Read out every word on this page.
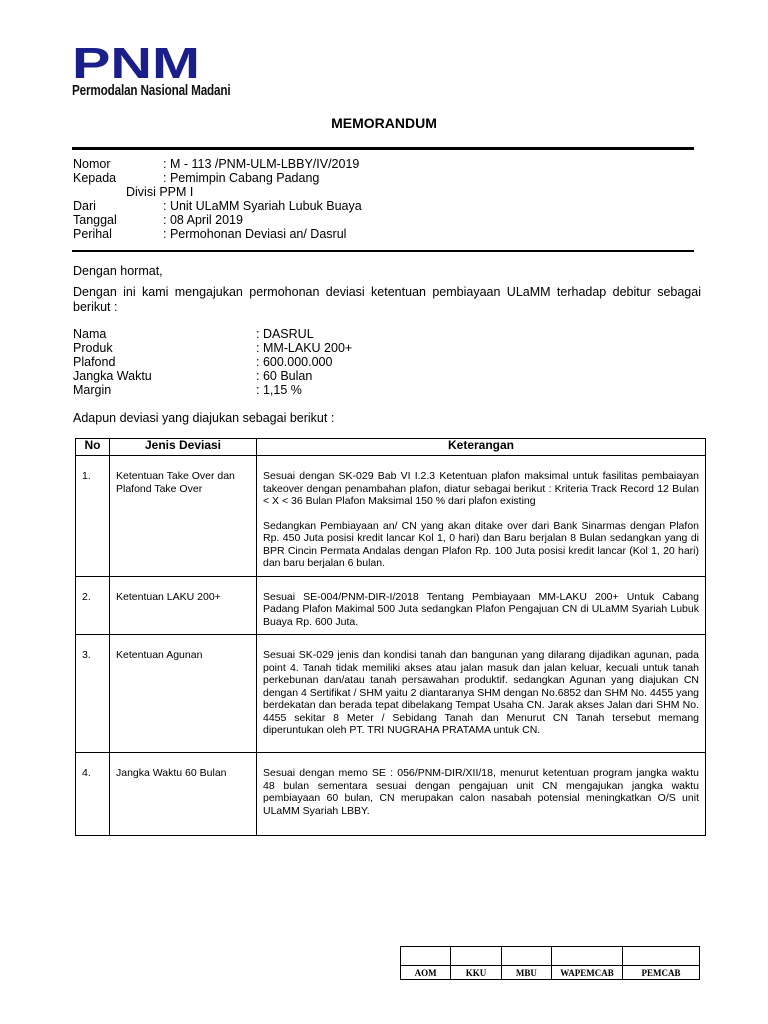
PNM
Permodalan Nasional Madani
MEMORANDUM
Nomor	: M - 113 /PNM-ULM-LBBY/IV/2019
Kepada	: Pemimpin Cabang Padang
Divisi PPM I
Dari	: Unit ULaMM Syariah Lubuk Buaya
Tanggal	: 08 April 2019
Perihal	: Permohonan Deviasi an/ Dasrul
Dengan hormat,
Dengan ini kami mengajukan permohonan deviasi ketentuan pembiayaan ULaMM terhadap debitur sebagai berikut :
Nama	: DASRUL
Produk	: MM-LAKU 200+
Plafond	: 600.000.000
Jangka Waktu	: 60 Bulan
Margin	: 1,15 %
Adapun deviasi yang diajukan sebagai berikut :
No	Jenis Deviasi	Keterangan
1.	Ketentuan Take Over dan Plafond Take Over	Sesuai dengan SK-029 Bab VI I.2.3 Ketentuan plafon maksimal untuk fasilitas pembaiayan takeover dengan penambahan plafon, diatur sebagai berikut : Kriteria Track Record 12 Bulan < X < 36 Bulan Plafon Maksimal 150 % dari plafon existing

Sedangkan Pembiayaan an/ CN yang akan ditake over dari Bank Sinarmas dengan Plafon Rp. 450 Juta posisi kredit lancar Kol 1, 0 hari) dan Baru berjalan 8 Bulan sedangkan yang di BPR Cincin Permata Andalas dengan Plafon Rp. 100 Juta posisi kredit lancar (Kol 1, 20 hari) dan baru berjalan 6 bulan.

2.	Ketentuan LAKU 200+	Sesuai SE-004/PNM-DIR-I/2018 Tentang Pembiayaan MM-LAKU 200+ Untuk Cabang Padang Plafon Makimal 500 Juta sedangkan Plafon Pengajuan CN di ULaMM Syariah Lubuk Buaya Rp. 600 Juta.

3.	Ketentuan Agunan	Sesuai SK-029 jenis dan kondisi tanah dan bangunan yang dilarang dijadikan agunan, pada point 4. Tanah tidak memiliki akses atau jalan masuk dan jalan keluar, kecuali untuk tanah perkebunan dan/atau tanah persawahan produktif. sedangkan Agunan yang diajukan CN dengan 4 Sertifikat / SHM yaitu 2 diantaranya SHM dengan No.6852 dan SHM No. 4455 yang berdekatan dan berada tepat dibelakang Tempat Usaha CN. Jarak akses Jalan dari SHM No. 4455 sekitar 8 Meter / Sebidang Tanah dan Menurut CN Tanah tersebut memang diperuntukan oleh PT. TRI NUGRAHA PRATAMA untuk CN.

4.	Jangka Waktu 60 Bulan	Sesuai dengan memo SE : 056/PNM-DIR/XII/18, menurut ketentuan program jangka waktu 48 bulan sementara sesuai dengan pengajuan unit CN mengajukan jangka waktu pembiayaan 60 bulan, CN merupakan calon nasabah potensial meningkatkan O/S unit ULaMM Syariah LBBY.

AOM	KKU	MBU	WAPEMCAB	PEMCAB
